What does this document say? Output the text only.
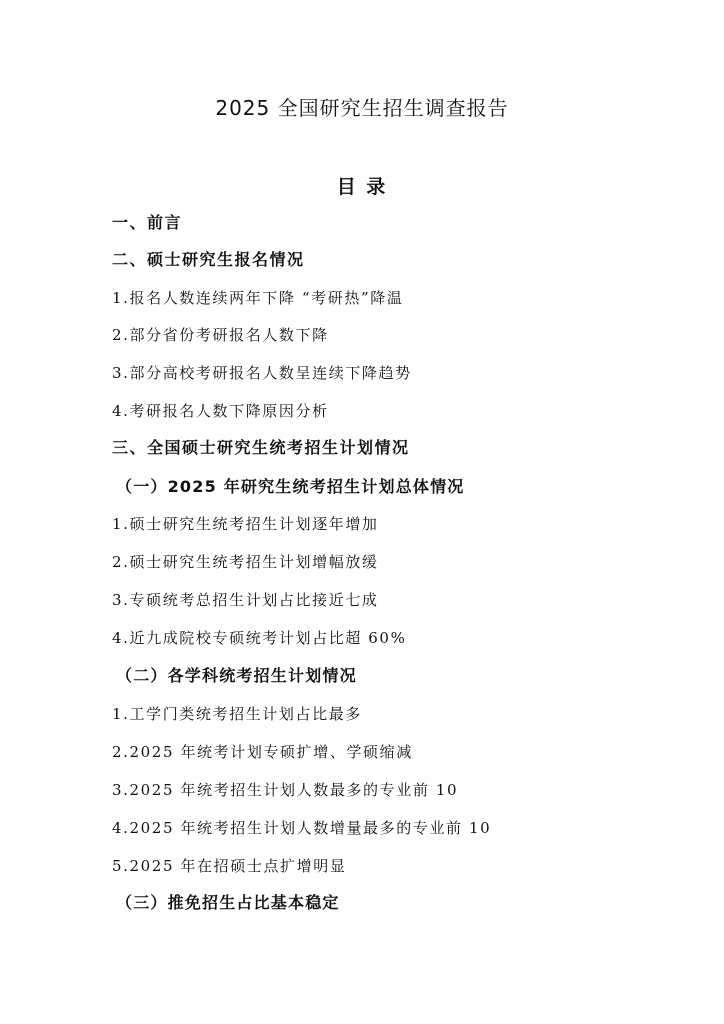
2025 全国研究生招生调查报告
目 录
一、前言
二、硕士研究生报名情况
1.报名人数连续两年下降 “考研热”降温
2.部分省份考研报名人数下降
3.部分高校考研报名人数呈连续下降趋势
4.考研报名人数下降原因分析
三、全国硕士研究生统考招生计划情况
（一）2025 年研究生统考招生计划总体情况
1.硕士研究生统考招生计划逐年增加
2.硕士研究生统考招生计划增幅放缓
3.专硕统考总招生计划占比接近七成
4.近九成院校专硕统考计划占比超 60%
（二）各学科统考招生计划情况
1.工学门类统考招生计划占比最多
2.2025 年统考计划专硕扩增、学硕缩减
3.2025 年统考招生计划人数最多的专业前 10
4.2025 年统考招生计划人数增量最多的专业前 10
5.2025 年在招硕士点扩增明显
（三）推免招生占比基本稳定
